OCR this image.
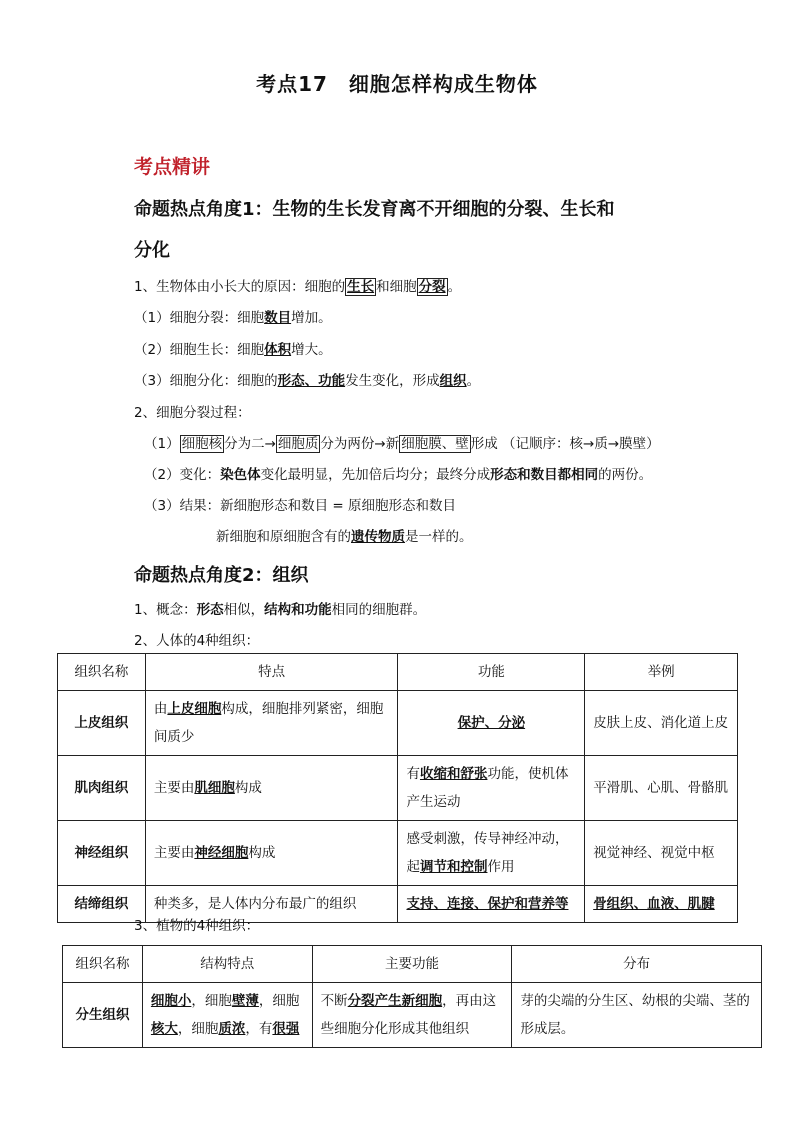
考点17　细胞怎样构成生物体
考点精讲
命题热点角度1：生物的生长发育离不开细胞的分裂、生长和
分化
1、生物体由小长大的原因：细胞的 生长 和细胞 分裂 。
（1）细胞分裂：细胞数目增加。
（2）细胞生长：细胞体积增大。
（3）细胞分化：细胞的形态、功能发生变化，形成组织。
2、细胞分裂过程：
（1） 细胞核 分为二→ 细胞质 分为两份→新 细胞膜、壁 形成 （记顺序：核→质→膜壁）
（2）变化：染色体变化最明显，先加倍后均分；最终分成形态和数目都相同的两份。
（3）结果：新细胞形态和数目 = 原细胞形态和数目
新细胞和原细胞含有的遗传物质是一样的。
命题热点角度2：组织
1、概念：形态相似，结构和功能相同的细胞群。
2、人体的4种组织：
组织名称	特点	功能	举例
上皮组织	由上皮细胞构成，细胞排列紧密，细胞间质少	保护、分泌	皮肤上皮、消化道上皮
肌肉组织	主要由肌细胞构成	有收缩和舒张功能，使机体产生运动	平滑肌、心肌、骨骼肌
神经组织	主要由神经细胞构成	感受刺激，传导神经冲动，起调节和控制作用	视觉神经、视觉中枢
结缔组织	种类多，是人体内分布最广的组织	支持、连接、保护和营养等	骨组织、血液、肌腱
3、植物的4种组织：
组织名称	结构特点	主要功能	分布
分生组织	细胞小，细胞壁薄，细胞核大，细胞质浓，有很强	不断分裂产生新细胞，再由这些细胞分化形成其他组织	芽的尖端的分生区、幼根的尖端、茎的形成层。
